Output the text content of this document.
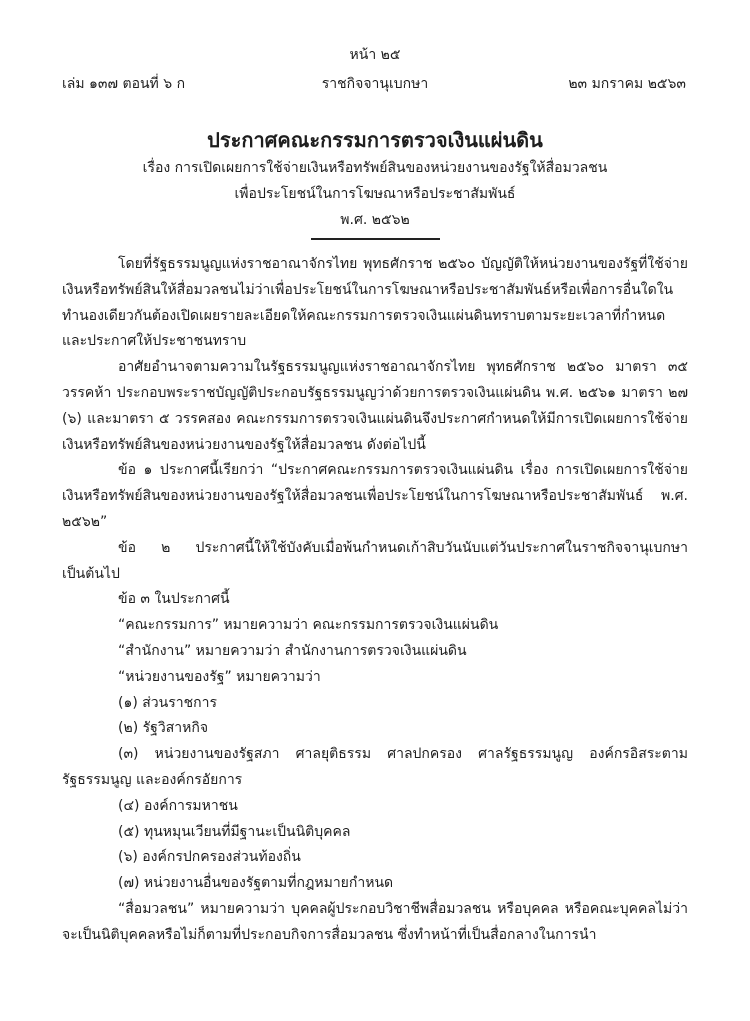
หน้า ๒๕
เล่ม ๑๓๗ ตอนที่ ๖ ก	ราชกิจจานุเบกษา	๒๓ มกราคม ๒๕๖๓
ประกาศคณะกรรมการตรวจเงินแผ่นดิน
เรื่อง การเปิดเผยการใช้จ่ายเงินหรือทรัพย์สินของหน่วยงานของรัฐให้สื่อมวลชน
เพื่อประโยชน์ในการโฆษณาหรือประชาสัมพันธ์
พ.ศ. ๒๕๖๒

โดยที่รัฐธรรมนูญแห่งราชอาณาจักรไทย พุทธศักราช ๒๕๖๐ บัญญัติให้หน่วยงานของรัฐที่ใช้จ่ายเงินหรือทรัพย์สินให้สื่อมวลชนไม่ว่าเพื่อประโยชน์ในการโฆษณาหรือประชาสัมพันธ์หรือเพื่อการอื่นใดในทำนองเดียวกันต้องเปิดเผยรายละเอียดให้คณะกรรมการตรวจเงินแผ่นดินทราบตามระยะเวลาที่กำหนดและประกาศให้ประชาชนทราบ

อาศัยอำนาจตามความในรัฐธรรมนูญแห่งราชอาณาจักรไทย พุทธศักราช ๒๕๖๐ มาตรา ๓๕ วรรคห้า ประกอบพระราชบัญญัติประกอบรัฐธรรมนูญว่าด้วยการตรวจเงินแผ่นดิน พ.ศ. ๒๕๖๑ มาตรา ๒๗ (๖) และมาตรา ๕ วรรคสอง คณะกรรมการตรวจเงินแผ่นดินจึงประกาศกำหนดให้มีการเปิดเผยการใช้จ่ายเงินหรือทรัพย์สินของหน่วยงานของรัฐให้สื่อมวลชน ดังต่อไปนี้

ข้อ ๑ ประกาศนี้เรียกว่า “ประกาศคณะกรรมการตรวจเงินแผ่นดิน เรื่อง การเปิดเผยการใช้จ่ายเงินหรือทรัพย์สินของหน่วยงานของรัฐให้สื่อมวลชนเพื่อประโยชน์ในการโฆษณาหรือประชาสัมพันธ์ พ.ศ. ๒๕๖๒”

ข้อ ๒ ประกาศนี้ให้ใช้บังคับเมื่อพ้นกำหนดเก้าสิบวันนับแต่วันประกาศในราชกิจจานุเบกษาเป็นต้นไป

ข้อ ๓ ในประกาศนี้

“คณะกรรมการ” หมายความว่า คณะกรรมการตรวจเงินแผ่นดิน

“สำนักงาน” หมายความว่า สำนักงานการตรวจเงินแผ่นดิน

“หน่วยงานของรัฐ” หมายความว่า

(๑) ส่วนราชการ

(๒) รัฐวิสาหกิจ

(๓) หน่วยงานของรัฐสภา ศาลยุติธรรม ศาลปกครอง ศาลรัฐธรรมนูญ องค์กรอิสระตามรัฐธรรมนูญ และองค์กรอัยการ

(๔) องค์การมหาชน

(๕) ทุนหมุนเวียนที่มีฐานะเป็นนิติบุคคล

(๖) องค์กรปกครองส่วนท้องถิ่น

(๗) หน่วยงานอื่นของรัฐตามที่กฎหมายกำหนด

“สื่อมวลชน” หมายความว่า บุคคลผู้ประกอบวิชาชีพสื่อมวลชน หรือบุคคล หรือคณะบุคคลไม่ว่าจะเป็นนิติบุคคลหรือไม่ก็ตามที่ประกอบกิจการสื่อมวลชน ซึ่งทำหน้าที่เป็นสื่อกลางในการนำ
